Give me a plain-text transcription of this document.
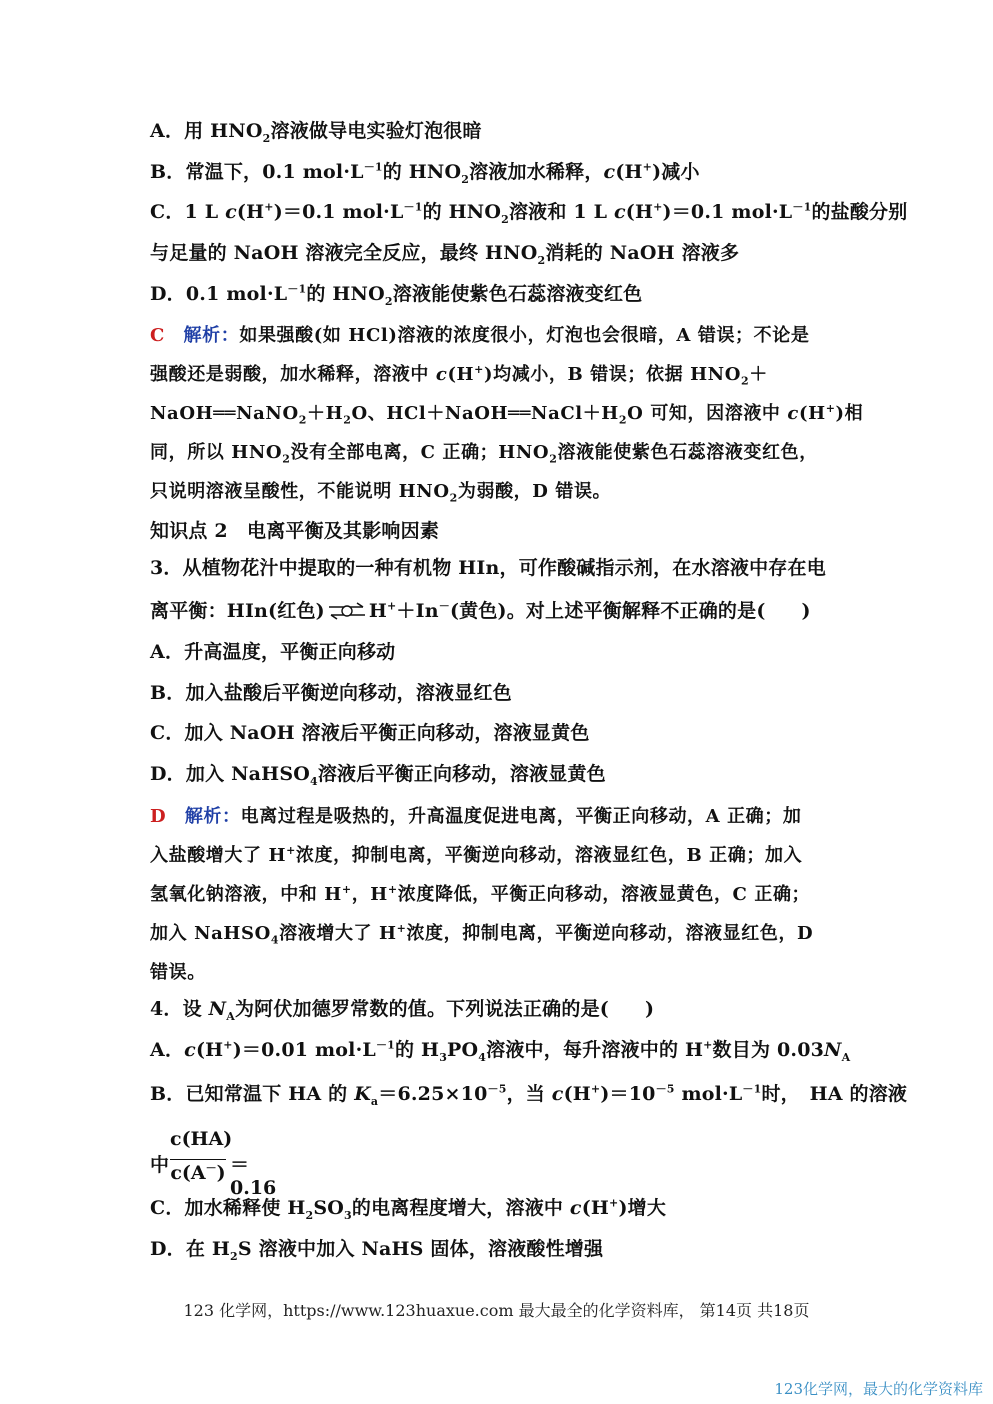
A．用 $HNO_2$溶液做导电实验灯泡很暗
B．常温下，0.1 $mol\cdot L^{-1}$的 $HNO_2$溶液加水稀释，c(H+)减小
C．1 L c(H+)＝0.1 $mol\cdot L^{-1}$的 $HNO_2$溶液和 1 L c(H+)＝0.1 $mol\cdot L^{-1}$的盐酸分别
与足量的 NaOH 溶液完全反应，最终 $HNO_2$消耗的 NaOH 溶液多
D．0.1 $mol\cdot L^{-1}$的 $HNO_2$溶液能使紫色石蕊溶液变红色
C　 解析：如果强酸(如 HCl)溶液的浓度很小，灯泡也会很暗，A 错误；不论是
强酸还是弱酸，加水稀释，溶液中 c(H+)均减小，B 错误；依据 $HNO_2+$
$NaOH══NaNO_2+H_2O$、$HCl+NaOH══NaCl+H_2O$ 可知，因溶液中 c(H+)相
同，所以 $HNO_2$没有全部电离，C 正确；$HNO_2$溶液能使紫色石蕊溶液变红色，
只说明溶液呈酸性，不能说明 $HNO_2$为弱酸，D 错误。
知识点 2　电离平衡及其影响因素
3．从植物花汁中提取的一种有机物 HIn，可作酸碱指示剂，在水溶液中存在电
离平衡：HIn(红色)⇌H+＋In－(黄色)。对上述平衡解释不正确的是( )
A．升高温度，平衡正向移动
B．加入盐酸后平衡逆向移动，溶液显红色
C．加入 NaOH 溶液后平衡正向移动，溶液显黄色
D．加入 NaHSO$_4$溶液后平衡正向移动，溶液显黄色
D　 解析：电离过程是吸热的，升高温度促进电离，平衡正向移动，A 正确；加
入盐酸增大了 H+浓度，抑制电离，平衡逆向移动，溶液显红色，B 正确；加入
氢氧化钠溶液，中和 H+，H+浓度降低，平衡正向移动，溶液显黄色，C 正确；
加入 NaHSO$_4$溶液增大了 H+浓度，抑制电离，平衡逆向移动，溶液显红色，D
错误。
4．设 $N_A$为阿伏加德罗常数的值。下列说法正确的是( )
A．c(H+)＝0.01 $mol\cdot L^{-1}$的 $H_3PO_4$溶液中，每升溶液中的 H+数目为 $0.03N_A$
B．已知常温下 HA 的 $K_a=6.25\times 10^{-5}$，当 $c(H^+)=10^{-5}$ $mol\cdot L^{-1}$时，　HA 的溶液
中
c(HA)
c(A－) ＝0.16
C．加水稀释使 $H_2SO_3$的电离程度增大，溶液中 c(H+)增大
D．在 $H_2S$ 溶液中加入 NaHS 固体，溶液酸性增强
123 化学网，https://www.123huaxue.com 最大最全的化学资料库， 第14页 共18页
123化学网，最大的化学资料库
